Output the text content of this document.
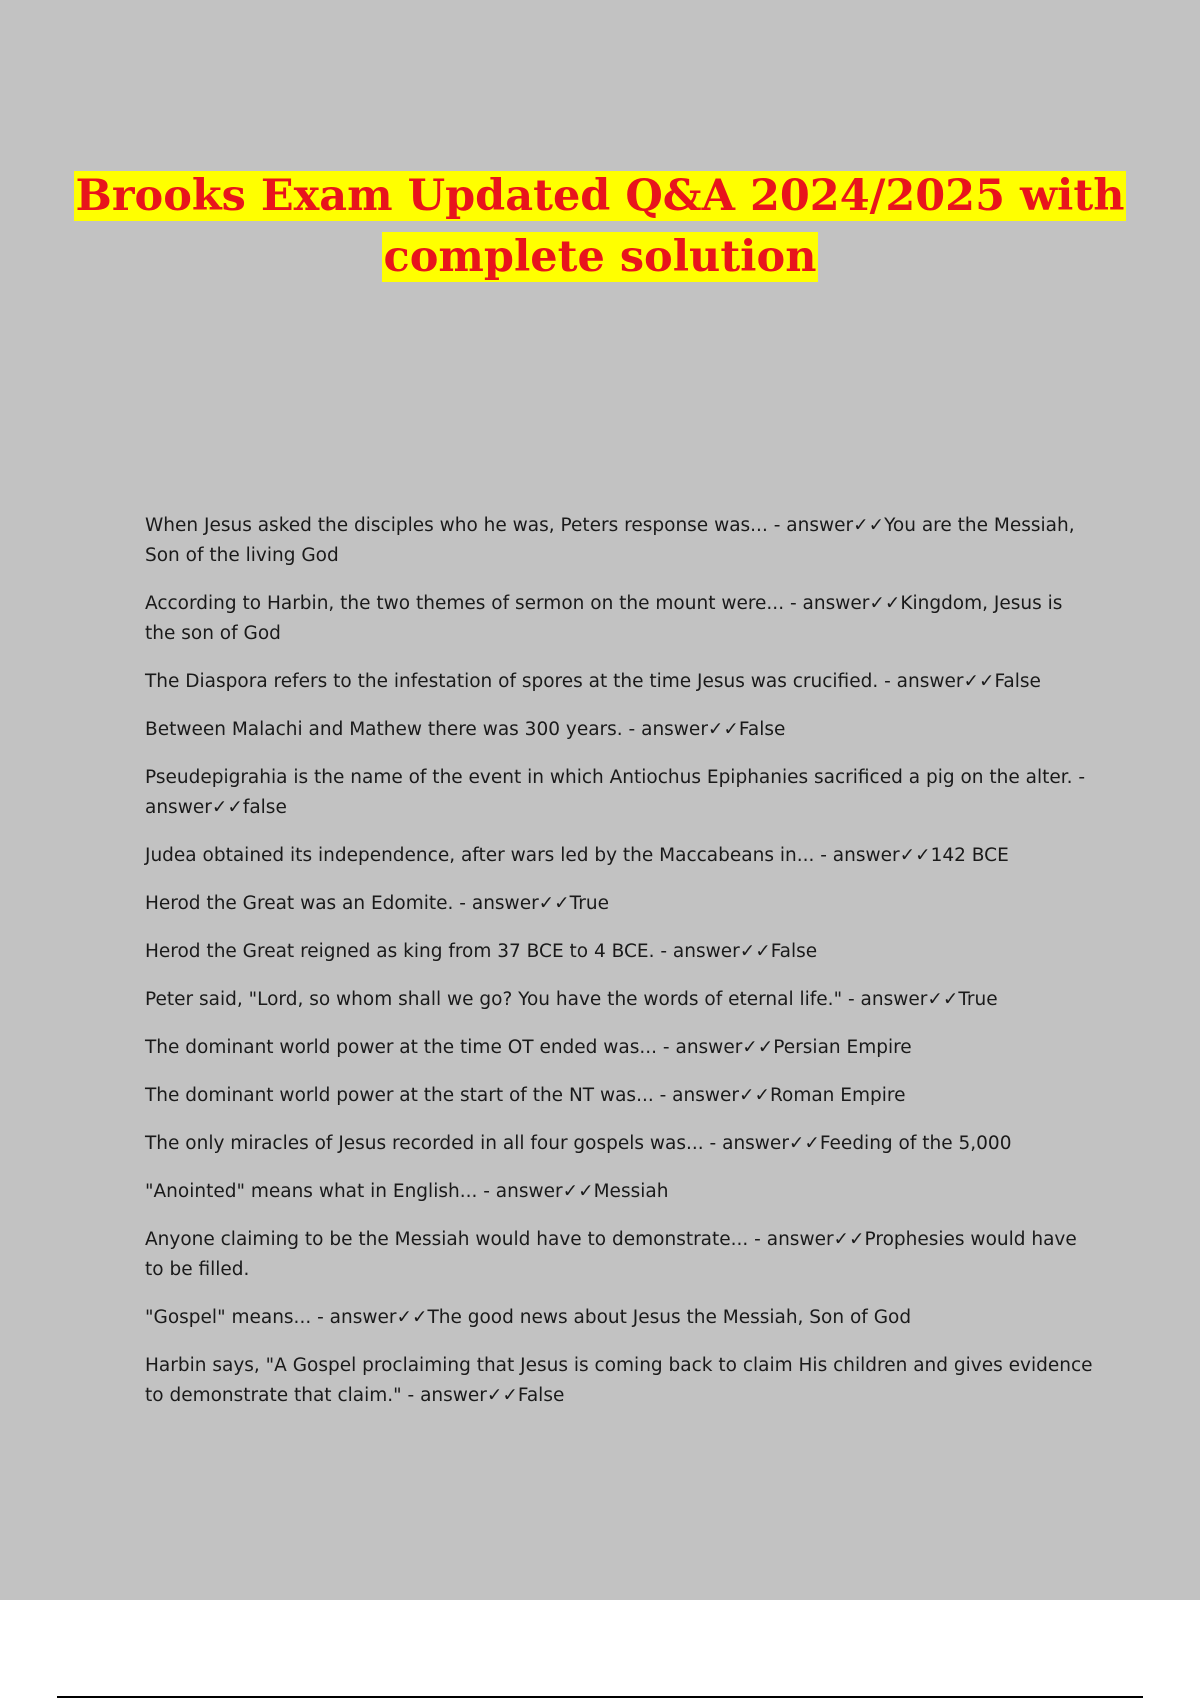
Brooks Exam Updated Q&A 2024/2025 with
complete solution
When Jesus asked the disciples who he was, Peters response was... - answer✓✓You are the Messiah, Son of the living God
According to Harbin, the two themes of sermon on the mount were... - answer✓✓Kingdom, Jesus is the son of God
The Diaspora refers to the infestation of spores at the time Jesus was crucified. - answer✓✓False
Between Malachi and Mathew there was 300 years. - answer✓✓False
Pseudepigrahia is the name of the event in which Antiochus Epiphanies sacrificed a pig on the alter. - answer✓✓false
Judea obtained its independence, after wars led by the Maccabeans in... - answer✓✓142 BCE
Herod the Great was an Edomite. - answer✓✓True
Herod the Great reigned as king from 37 BCE to 4 BCE. - answer✓✓False
Peter said, "Lord, so whom shall we go? You have the words of eternal life." - answer✓✓True
The dominant world power at the time OT ended was... - answer✓✓Persian Empire
The dominant world power at the start of the NT was... - answer✓✓Roman Empire
The only miracles of Jesus recorded in all four gospels was... - answer✓✓Feeding of the 5,000
"Anointed" means what in English... - answer✓✓Messiah
Anyone claiming to be the Messiah would have to demonstrate... - answer✓✓Prophesies would have to be filled.
"Gospel" means... - answer✓✓The good news about Jesus the Messiah, Son of God
Harbin says, "A Gospel proclaiming that Jesus is coming back to claim His children and gives evidence to demonstrate that claim." - answer✓✓False
